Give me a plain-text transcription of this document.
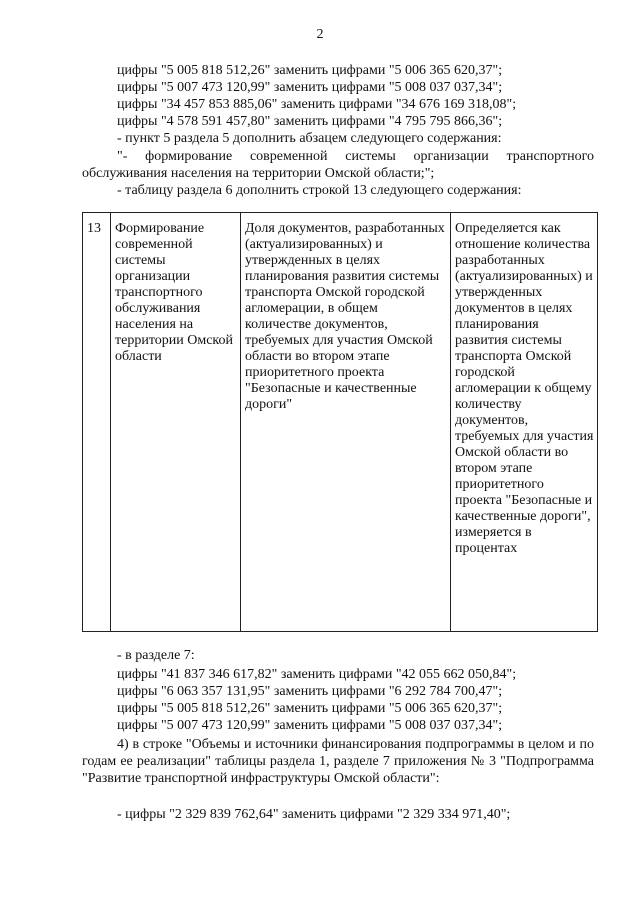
2
цифры "5 005 818 512,26" заменить цифрами "5 006 365 620,37";
цифры "5 007 473 120,99" заменить цифрами "5 008 037 037,34";
цифры "34 457 853 885,06" заменить цифрами "34 676 169 318,08";
цифры "4 578 591 457,80" заменить цифрами "4 795 795 866,36";
- пункт 5 раздела 5 дополнить абзацем следующего содержания:
"- формирование современной системы организации транспортного обслуживания населения на территории Омской области;";
- таблицу раздела 6 дополнить строкой 13 следующего содержания:
13	Формирование современной системы организации транспортного обслуживания населения на территории Омской области	Доля документов, разработанных (актуализированных) и утвержденных в целях планирования развития системы транспорта Омской городской агломерации, в общем количестве документов, требуемых для участия Омской области во втором этапе приоритетного проекта "Безопасные и качественные дороги"	Определяется как отношение количества разработанных (актуализированных) и утвержденных документов в целях планирования развития системы транспорта Омской городской агломерации к общему количеству документов, требуемых для участия Омской области во втором этапе приоритетного проекта "Безопасные и качественные дороги", измеряется в процентах
- в разделе 7:
цифры "41 837 346 617,82" заменить цифрами "42 055 662 050,84";
цифры "6 063 357 131,95" заменить цифрами "6 292 784 700,47";
цифры "5 005 818 512,26" заменить цифрами "5 006 365 620,37";
цифры "5 007 473 120,99" заменить цифрами "5 008 037 037,34";
4) в строке "Объемы и источники финансирования подпрограммы в целом и по годам ее реализации" таблицы раздела 1, разделе 7 приложения № 3 "Подпрограмма "Развитие транспортной инфраструктуры Омской области":
- цифры "2 329 839 762,64" заменить цифрами "2 329 334 971,40";
